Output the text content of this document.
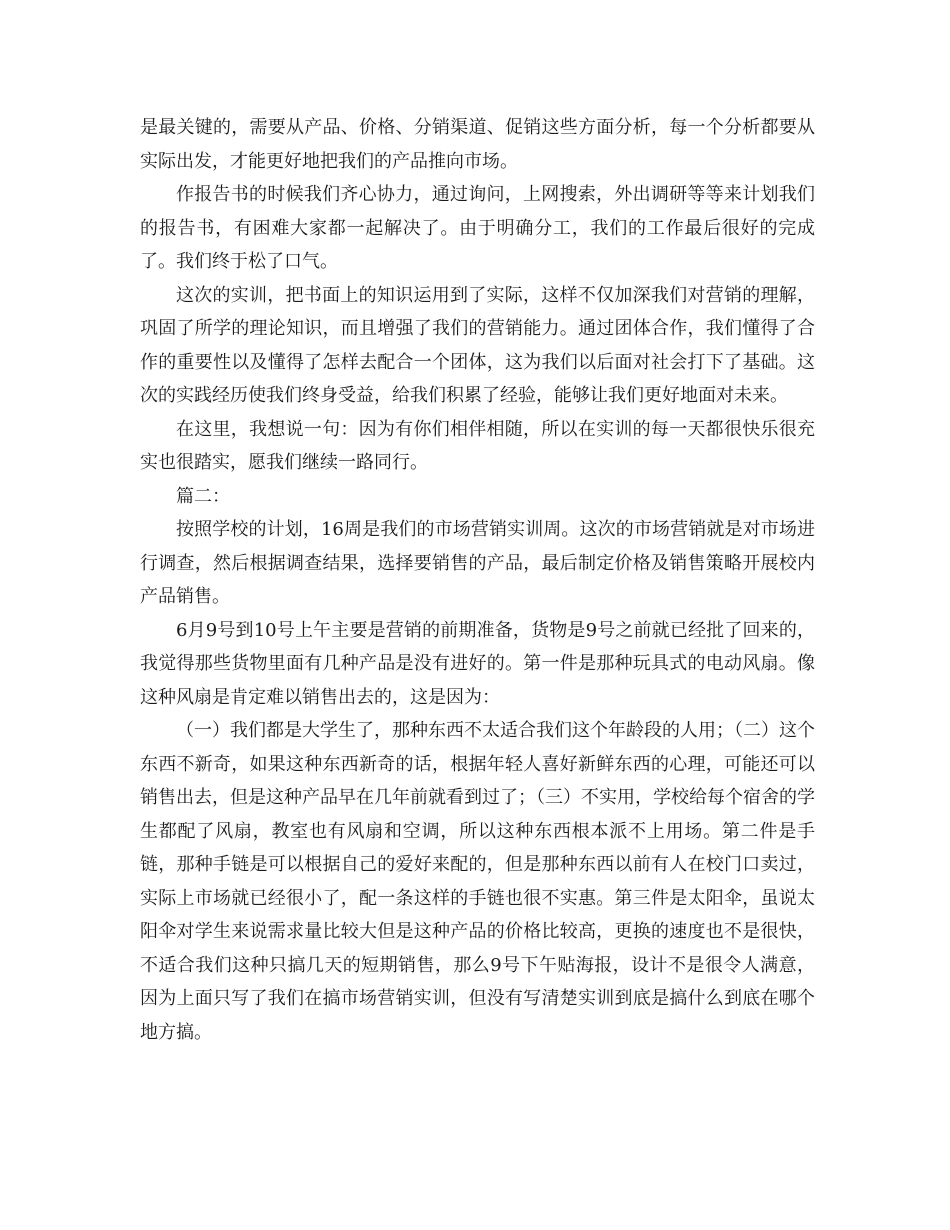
是最关键的，需要从产品、价格、分销渠道、促销这些方面分析，每一个分析都要从实际出发，才能更好地把我们的产品推向市场。

作报告书的时候我们齐心协力，通过询问，上网搜索，外出调研等等来计划我们的报告书，有困难大家都一起解决了。由于明确分工，我们的工作最后很好的完成了。我们终于松了口气。

这次的实训，把书面上的知识运用到了实际，这样不仅加深我们对营销的理解，巩固了所学的理论知识，而且增强了我们的营销能力。通过团体合作，我们懂得了合作的重要性以及懂得了怎样去配合一个团体，这为我们以后面对社会打下了基础。这次的实践经历使我们终身受益，给我们积累了经验，能够让我们更好地面对未来。

在这里，我想说一句：因为有你们相伴相随，所以在实训的每一天都很快乐很充实也很踏实，愿我们继续一路同行。

篇二：

按照学校的计划，16周是我们的市场营销实训周。这次的市场营销就是对市场进行调查，然后根据调查结果，选择要销售的产品，最后制定价格及销售策略开展校内产品销售。

6月9号到10号上午主要是营销的前期准备，货物是9号之前就已经批了回来的，我觉得那些货物里面有几种产品是没有进好的。第一件是那种玩具式的电动风扇。像这种风扇是肯定难以销售出去的，这是因为：

（一）我们都是大学生了，那种东西不太适合我们这个年龄段的人用；（二）这个东西不新奇，如果这种东西新奇的话，根据年轻人喜好新鲜东西的心理，可能还可以销售出去，但是这种产品早在几年前就看到过了；（三）不实用，学校给每个宿舍的学生都配了风扇，教室也有风扇和空调，所以这种东西根本派不上用场。第二件是手链，那种手链是可以根据自己的爱好来配的，但是那种东西以前有人在校门口卖过，实际上市场就已经很小了，配一条这样的手链也很不实惠。第三件是太阳伞，虽说太阳伞对学生来说需求量比较大但是这种产品的价格比较高，更换的速度也不是很快，不适合我们这种只搞几天的短期销售，那么9号下午贴海报，设计不是很令人满意，因为上面只写了我们在搞市场营销实训，但没有写清楚实训到底是搞什么到底在哪个地方搞。
